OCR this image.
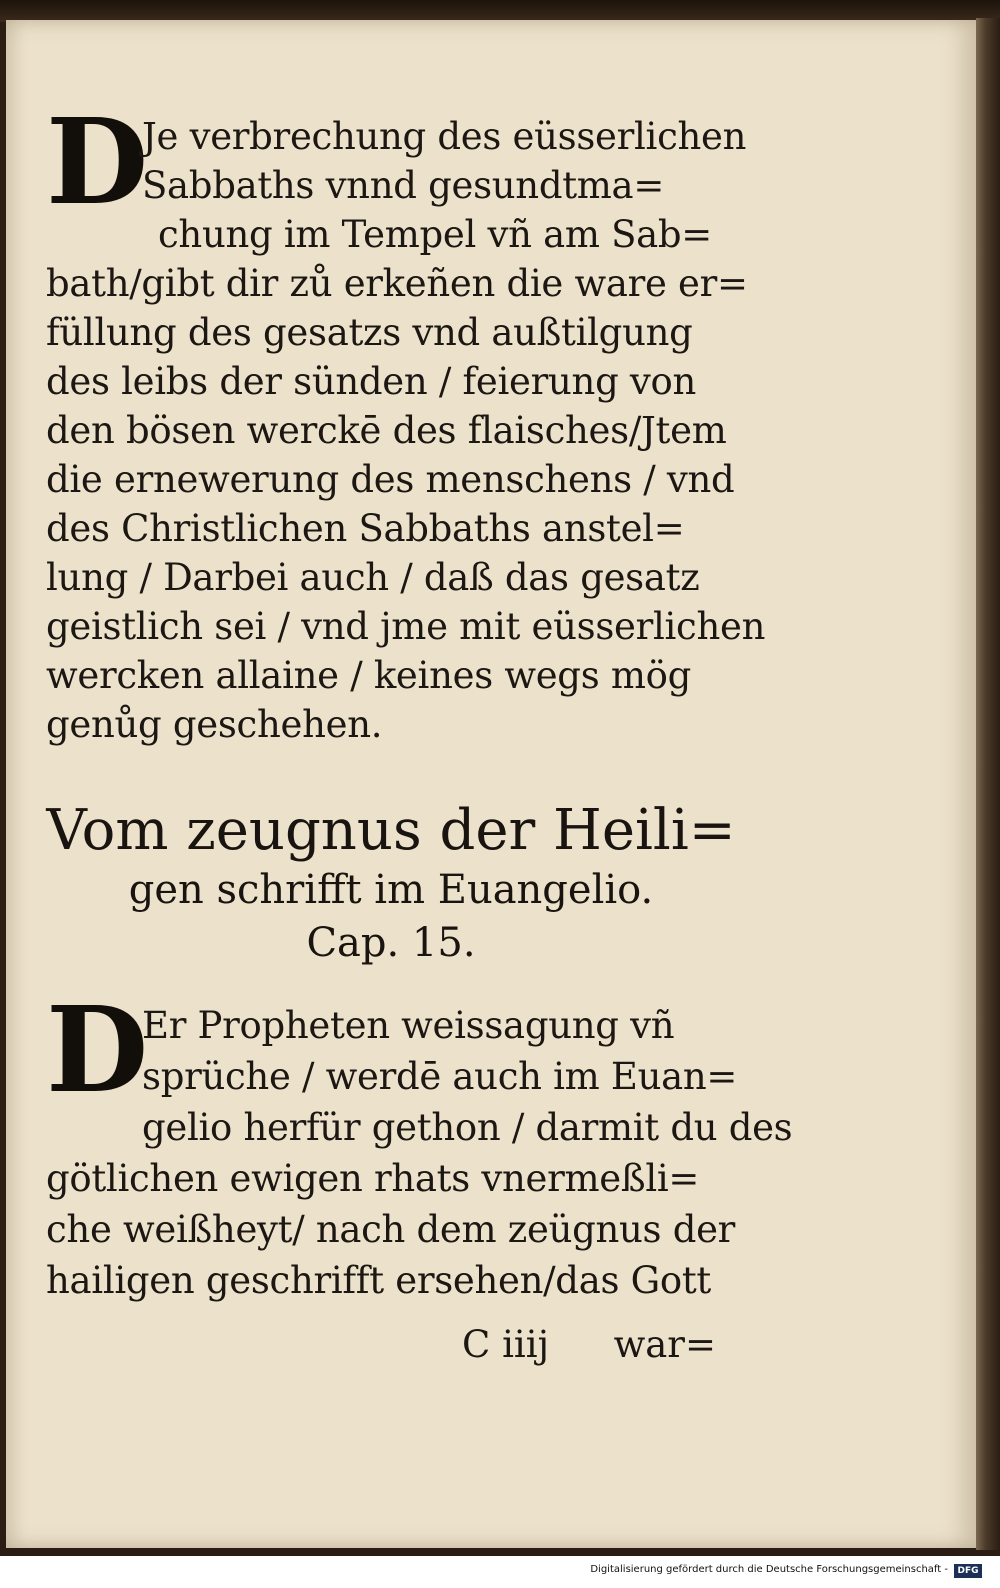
D
Je verbrechung des eüsserlichen
Sabbaths vnnd gesundtma=
chung im Tempel vñ am Sab=
bath/gibt dir zů erkeñen die ware er=
füllung des gesatzs vnd außtilgung
des leibs der sünden / feierung von
den bösen werckē des flaisches/Jtem
die ernewerung des menschens / vnd
des Christlichen Sabbaths anstel=
lung / Darbei auch / daß das gesatz
geistlich sei / vnd jme mit eüsserlichen
wercken allaine / keines wegs mög
genůg geschehen.
Vom zeugnus der Heili=
gen schrifft im Euangelio.
Cap. 15.
D
Er Propheten weissagung vñ
sprüche / werdē auch im Euan=
gelio herfür gethon / darmit du des
götlichen ewigen rhats vnermeßli=
che weißheyt/ nach dem zeügnus der
hailigen geschrifft ersehen/das Gott
C iiij war=
Digitalisierung gefördert durch die Deutsche Forschungsgemeinschaft -	DFG
